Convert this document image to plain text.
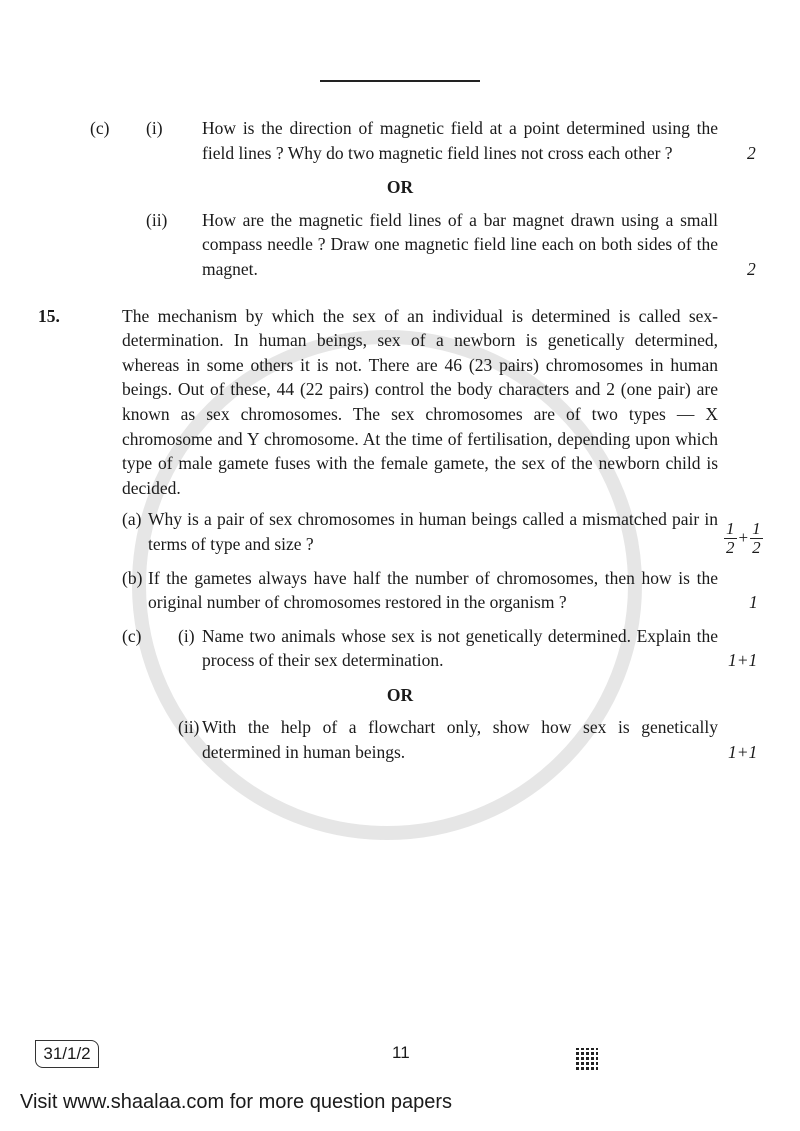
(c)	(i)	How is the direction of magnetic field at a point determined using the field lines ? Why do two magnetic field lines not cross each other ?	2
OR
(ii)	How are the magnetic field lines of a bar magnet drawn using a small compass needle ? Draw one magnetic field line each on both sides of the magnet.	2
15.	The mechanism by which the sex of an individual is determined is called sex-determination. In human beings, sex of a newborn is genetically determined, whereas in some others it is not. There are 46 (23 pairs) chromosomes in human beings. Out of these, 44 (22 pairs) control the body characters and 2 (one pair) are known as sex chromosomes. The sex chromosomes are of two types — X chromosome and Y chromosome. At the time of fertilisation, depending upon which type of male gamete fuses with the female gamete, the sex of the newborn child is decided.
(a) Why is a pair of sex chromosomes in human beings called a mismatched pair in terms of type and size ?	$\frac{1}{2} + \frac{1}{2}$
(b) If the gametes always have half the number of chromosomes, then how is the original number of chromosomes restored in the organism ?	1
(c)	(i) Name two animals whose sex is not genetically determined. Explain the process of their sex determination.	1+1
OR
(ii) With the help of a flowchart only, show how sex is genetically determined in human beings.	1+1
31/1/2	11
Visit www.shaalaa.com for more question papers
